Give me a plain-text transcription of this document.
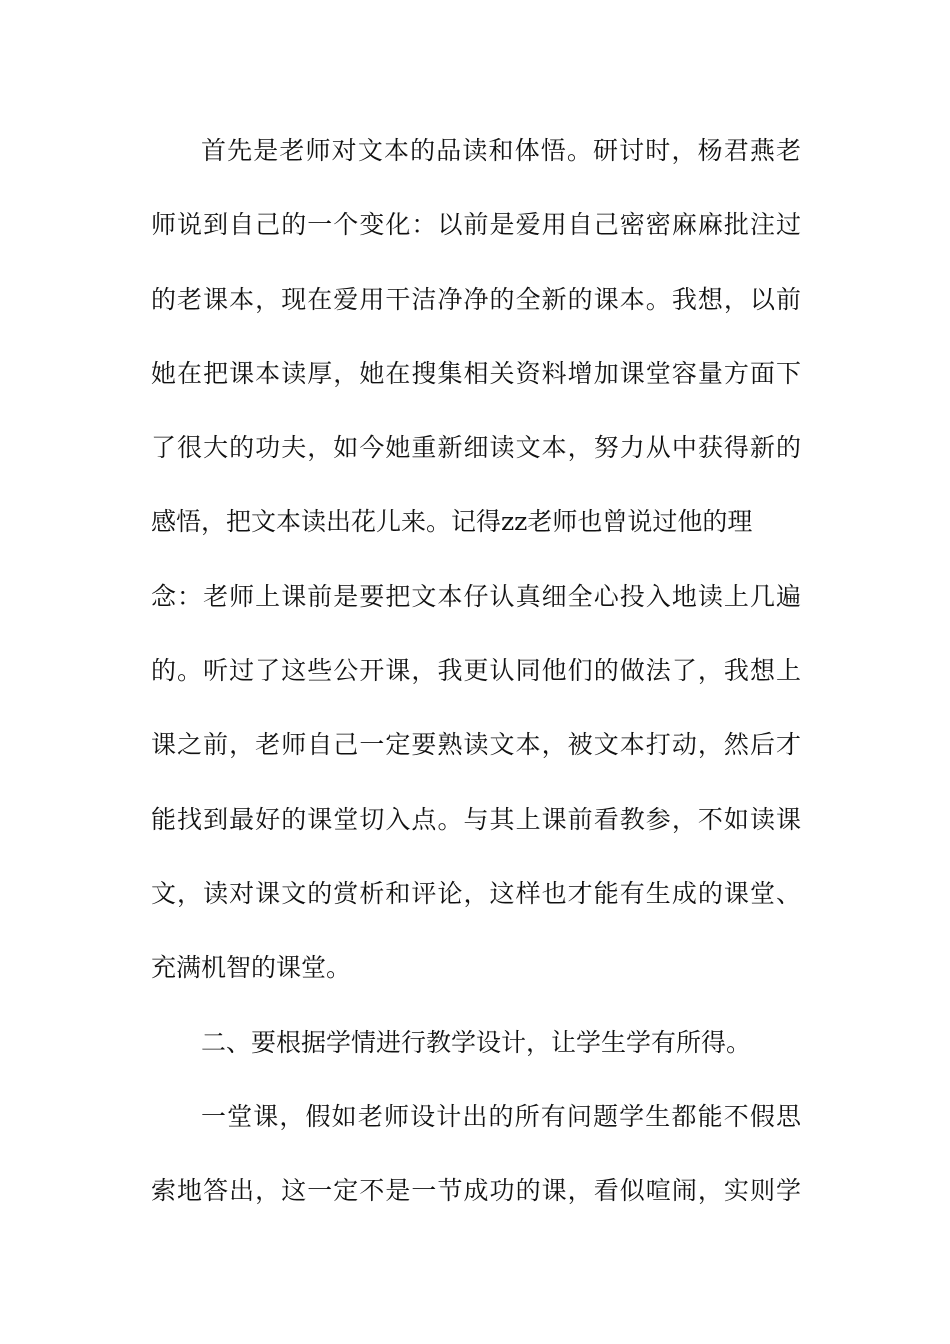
首先是老师对文本的品读和体悟。研讨时，杨君燕老
师说到自己的一个变化：以前是爱用自己密密麻麻批注过
的老课本，现在爱用干洁净净的全新的课本。我想，以前
她在把课本读厚，她在搜集相关资料增加课堂容量方面下
了很大的功夫，如今她重新细读文本，努力从中获得新的
感悟，把文本读出花儿来。记得zz老师也曾说过他的理
念：老师上课前是要把文本仔认真细全心投入地读上几遍
的。听过了这些公开课，我更认同他们的做法了，我想上
课之前，老师自己一定要熟读文本，被文本打动，然后才
能找到最好的课堂切入点。与其上课前看教参，不如读课
文，读对课文的赏析和评论，这样也才能有生成的课堂、
充满机智的课堂。
二、要根据学情进行教学设计，让学生学有所得。
一堂课，假如老师设计出的所有问题学生都能不假思
索地答出，这一定不是一节成功的课，看似喧闹，实则学
